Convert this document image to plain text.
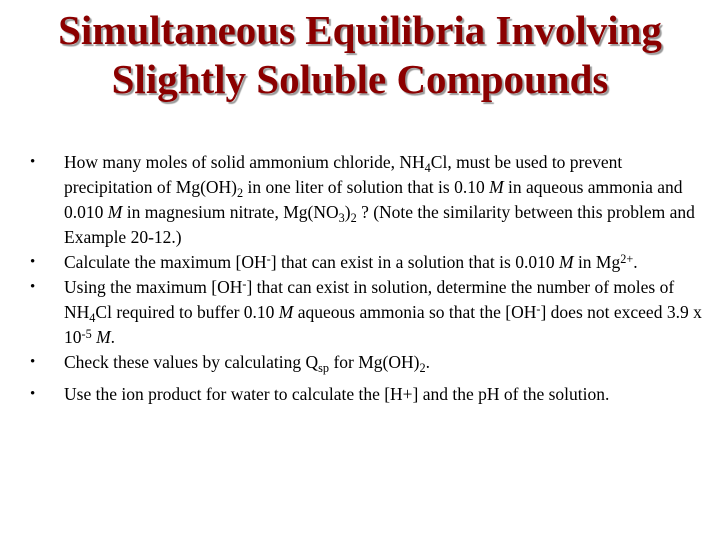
Simultaneous Equilibria Involving
Slightly Soluble Compounds
•	How many moles of solid ammonium chloride, $NH_4Cl$, must be used to prevent precipitation of $Mg(OH)_2$ in one liter of solution that is 0.10 M in aqueous ammonia and 0.010 M in magnesium nitrate, $Mg(NO_3)_2$ ? (Note the similarity between this problem and Example 20-12.)
•	Calculate the maximum [OH-] that can exist in a solution that is 0.010 M in $Mg^{2+}$.
•	Using the maximum [OH-] that can exist in solution, determine the number of moles of $NH_4Cl$ required to buffer 0.10 M aqueous ammonia so that the [OH-] does not exceed 3.9 x $10^{-5}$ M.
•	Check these values by calculating $Q_{sp}$ for $Mg(OH)_2$.
•	Use the ion product for water to calculate the [H+] and the pH of the solution.
